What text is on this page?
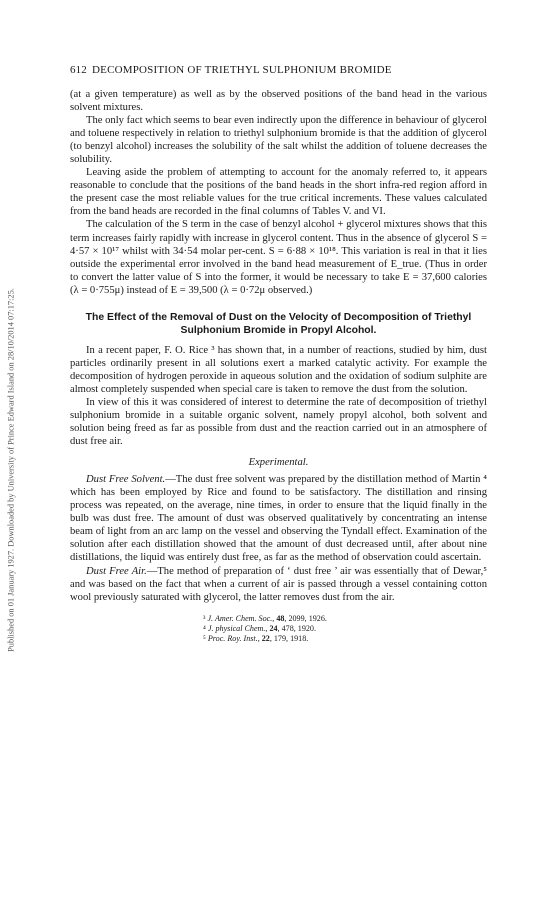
Published on 01 January 1927. Downloaded by University of Prince Edward Island on 28/10/2014 07:17:25.
612 DECOMPOSITION OF TRIETHYL SULPHONIUM BROMIDE

(at a given temperature) as well as by the observed positions of the band head in the various solvent mixtures.

The only fact which seems to bear even indirectly upon the difference in behaviour of glycerol and toluene respectively in relation to triethyl sulphonium bromide is that the addition of glycerol (to benzyl alcohol) increases the solubility of the salt whilst the addition of toluene decreases the solubility.

Leaving aside the problem of attempting to account for the anomaly referred to, it appears reasonable to conclude that the positions of the band heads in the short infra-red region afford in the present case the most reliable values for the true critical increments. These values calculated from the band heads are recorded in the final columns of Tables V. and VI.

The calculation of the S term in the case of benzyl alcohol + glycerol mixtures shows that this term increases fairly rapidly with increase in glycerol content. Thus in the absence of glycerol S = 4·57 × 10¹⁷ whilst with 34·54 molar per-cent. S = 6·88 × 10¹⁸. This variation is real in that it lies outside the experimental error involved in the band head measurement of E_true. (Thus in order to convert the latter value of S into the former, it would be necessary to take E = 37,600 calories (λ = 0·755μ) instead of E = 39,500 (λ = 0·72μ observed.)

The Effect of the Removal of Dust on the Velocity of Decomposition of Triethyl Sulphonium Bromide in Propyl Alcohol.

In a recent paper, F. O. Rice ³ has shown that, in a number of reactions, studied by him, dust particles ordinarily present in all solutions exert a marked catalytic activity. For example the decomposition of hydrogen peroxide in aqueous solution and the oxidation of sodium sulphite are almost completely suspended when special care is taken to remove the dust from the solution.

In view of this it was considered of interest to determine the rate of decomposition of triethyl sulphonium bromide in a suitable organic solvent, namely propyl alcohol, both solvent and solution being freed as far as possible from dust and the reaction carried out in an atmosphere of dust free air.

Experimental.

Dust Free Solvent.—The dust free solvent was prepared by the distillation method of Martin ⁴ which has been employed by Rice and found to be satisfactory. The distillation and rinsing process was repeated, on the average, nine times, in order to ensure that the liquid finally in the bulb was dust free. The amount of dust was observed qualitatively by concentrating an intense beam of light from an arc lamp on the vessel and observing the Tyndall effect. Examination of the solution after each distillation showed that the amount of dust decreased until, after about nine distillations, the liquid was entirely dust free, as far as the method of observation could ascertain.

Dust Free Air.—The method of preparation of ‘ dust free ’ air was essentially that of Dewar,⁵ and was based on the fact that when a current of air is passed through a vessel containing cotton wool previously saturated with glycerol, the latter removes dust from the air.

³ J. Amer. Chem. Soc., 48, 2099, 1926.

⁴ J. physical Chem., 24, 478, 1920.

⁵ Proc. Roy. Inst., 22, 179, 1918.
